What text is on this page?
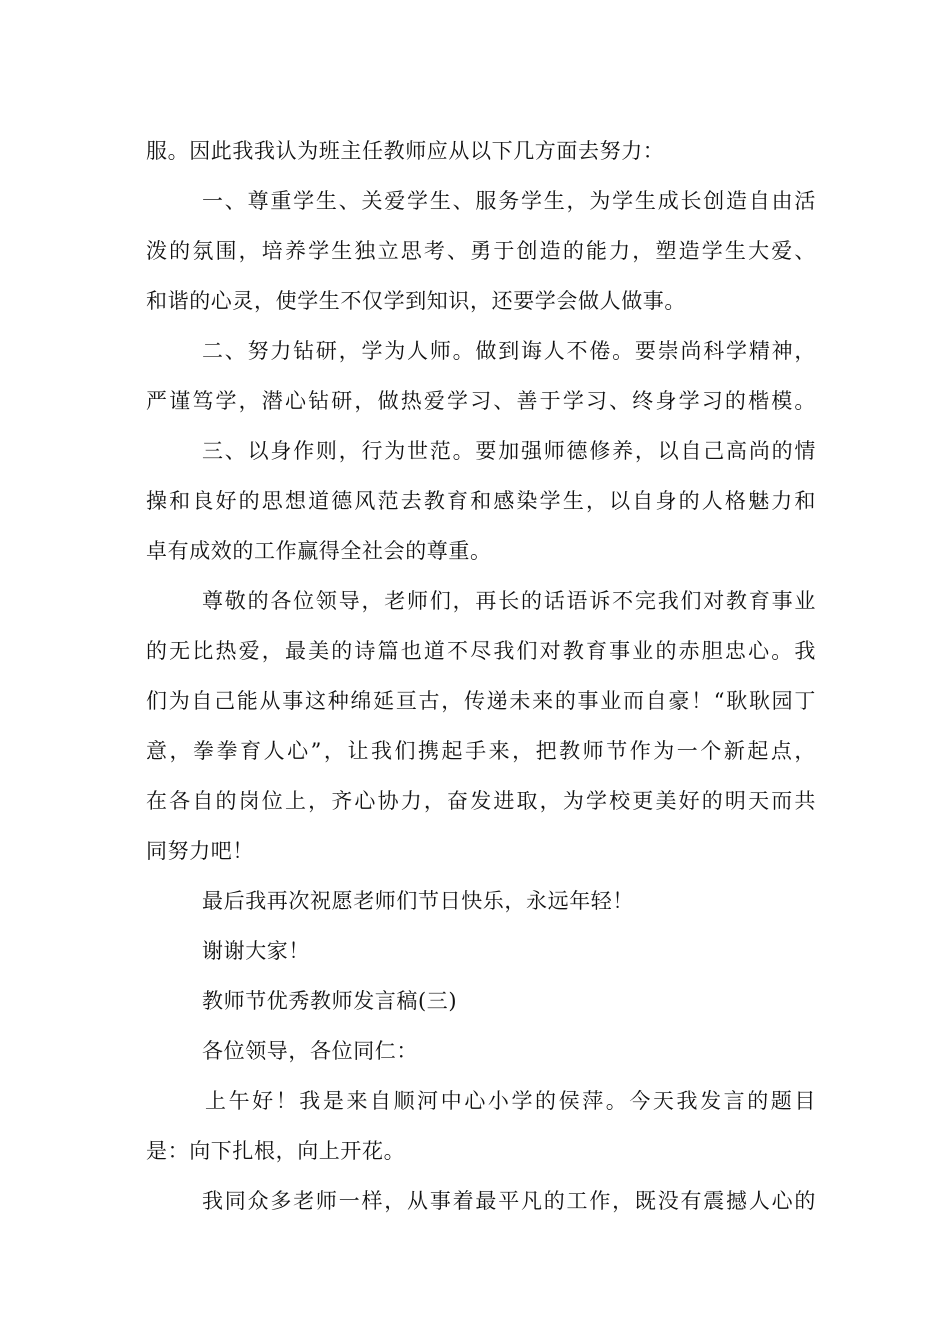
服。因此我我认为班主任教师应从以下几方面去努力：
一、尊重学生、关爱学生、服务学生，为学生成长创造自由活
泼的氛围，培养学生独立思考、勇于创造的能力，塑造学生大爱、
和谐的心灵，使学生不仅学到知识，还要学会做人做事。
二、努力钻研，学为人师。做到诲人不倦。要崇尚科学精神，
严谨笃学，潜心钻研，做热爱学习、善于学习、终身学习的楷模。
三、以身作则，行为世范。要加强师德修养，以自己高尚的情
操和良好的思想道德风范去教育和感染学生，以自身的人格魅力和
卓有成效的工作赢得全社会的尊重。
尊敬的各位领导，老师们，再长的话语诉不完我们对教育事业
的无比热爱，最美的诗篇也道不尽我们对教育事业的赤胆忠心。我
们为自己能从事这种绵延亘古，传递未来的事业而自豪！“耿耿园丁
意，拳拳育人心”，让我们携起手来，把教师节作为一个新起点，
在各自的岗位上，齐心协力，奋发进取，为学校更美好的明天而共
同努力吧！
最后我再次祝愿老师们节日快乐，永远年轻！
谢谢大家！
教师节优秀教师发言稿(三)
各位领导，各位同仁：
上午好！我是来自顺河中心小学的侯萍。今天我发言的题目
是：向下扎根，向上开花。
我同众多老师一样，从事着最平凡的工作，既没有震撼人心的
